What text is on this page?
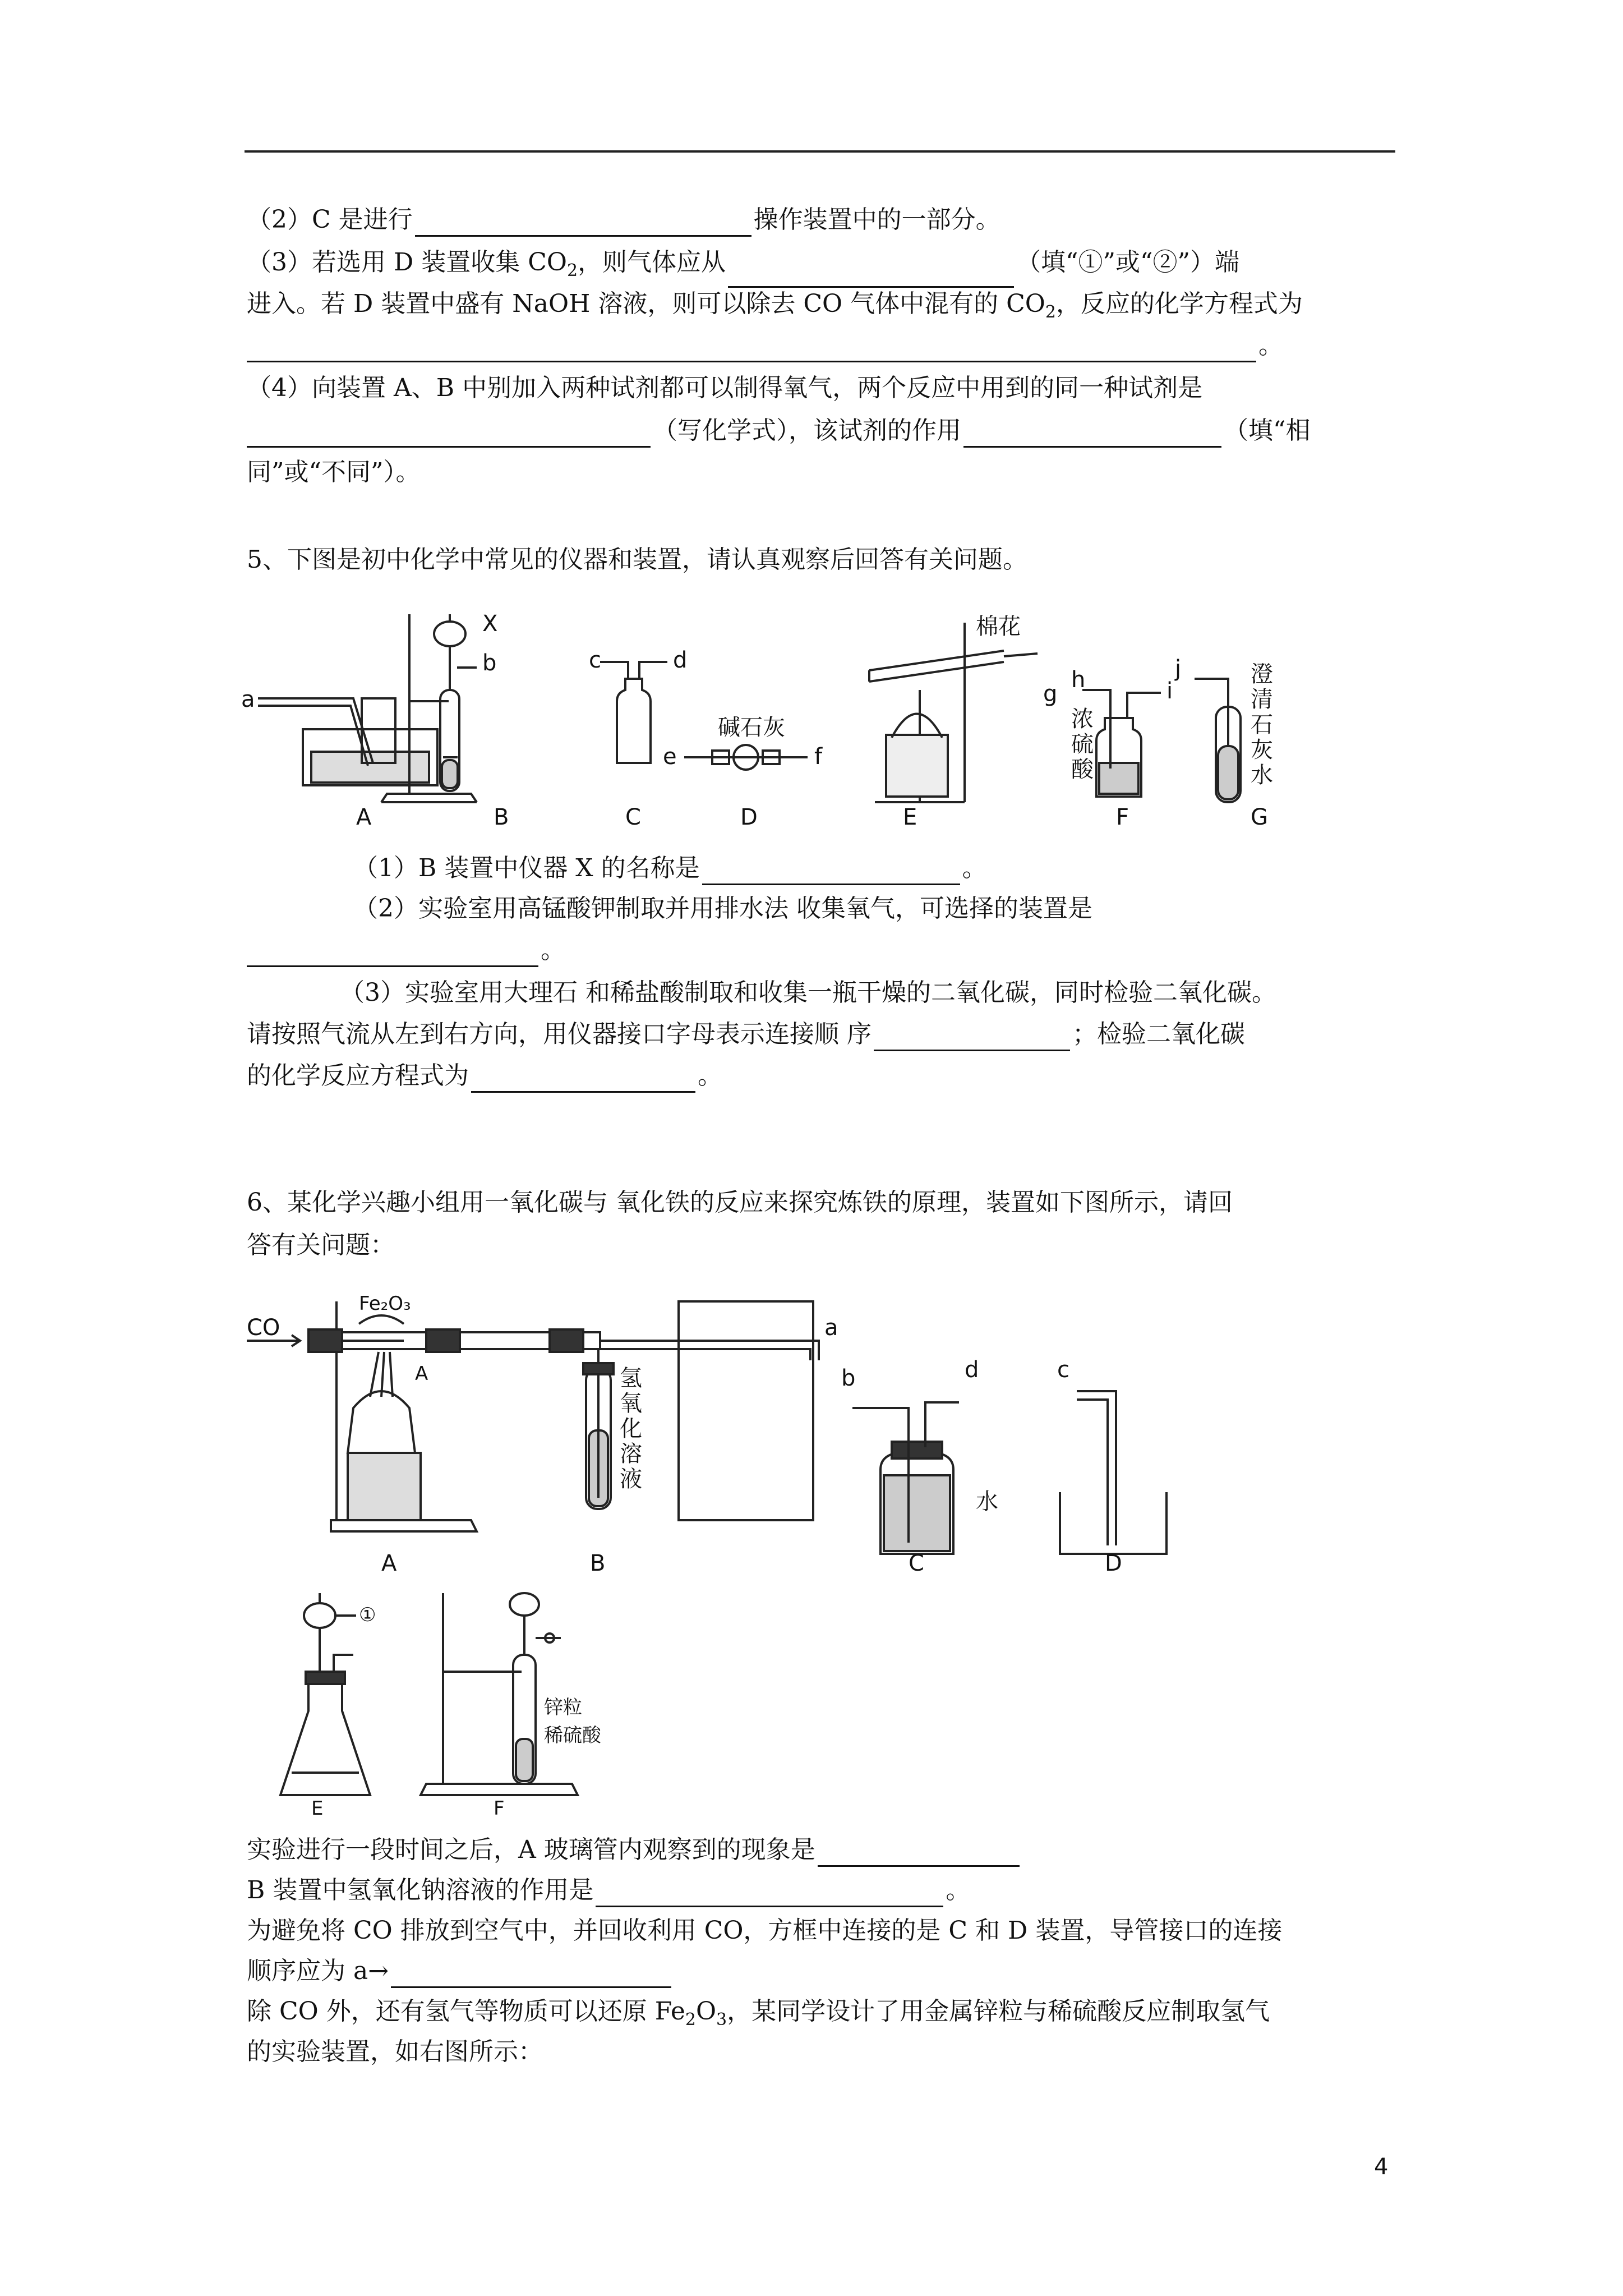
（2）C 是进行	操作装置中的一部分。
（3）若选用 D 装置收集 $CO_2$，则气体应从	（填“①”或“②”）端
进入。若 D 装置中盛有 NaOH 溶液，则可以除去 CO 气体中混有的 $CO_2$，反应的化学方程式为
。
（4）向装置 A、B 中别加入两种试剂都可以制得氧气，两个反应中用到的同一种试剂是
（写化学式），该试剂的作用	（填“相
同”或“不同”）。
5、下图是初中化学中常见的仪器和装置，请认真观察后回答有关问题。
a
X
b	c	d
碱石灰
e	f
棉花
g
h	i
浓
硫
酸
j	澄
清
石
灰
水
A	B	C	D	E	F	G
（1）B 装置中仪器 X 的名称是	。
（2）实验室用高锰酸钾制取并用排水法 收集氧气，可选择的装置是
。
（3）实验室用大理石 和稀盐酸制取和收集一瓶干燥的二氧化碳，同时检验二氧化碳。
请按照气流从左到右方向，用仪器接口字母表示连接顺 序	；检验二氧化碳
的化学反应方程式为	。
6、某化学兴趣小组用一氧化碳与 氧化铁的反应来探究炼铁的原理，装置如下图所示，请回
答有关问题：
CO
Fe₂O₃
A
a
氢
氧
化
溶
液
b	d
水
c
A	B	C	D
①
锌粒
稀硫酸
E	F
实验进行一段时间之后，A 玻璃管内观察到的现象是
B 装置中氢氧化钠溶液的作用是	。
为避免将 CO 排放到空气中，并回收利用 CO，方框中连接的是 C 和 D 装置，导管接口的连接
顺序应为 a→
除 CO 外，还有氢气等物质可以还原 $Fe_2O_3$，某同学设计了用金属锌粒与稀硫酸反应制取氢气
的实验装置，如右图所示：
4
